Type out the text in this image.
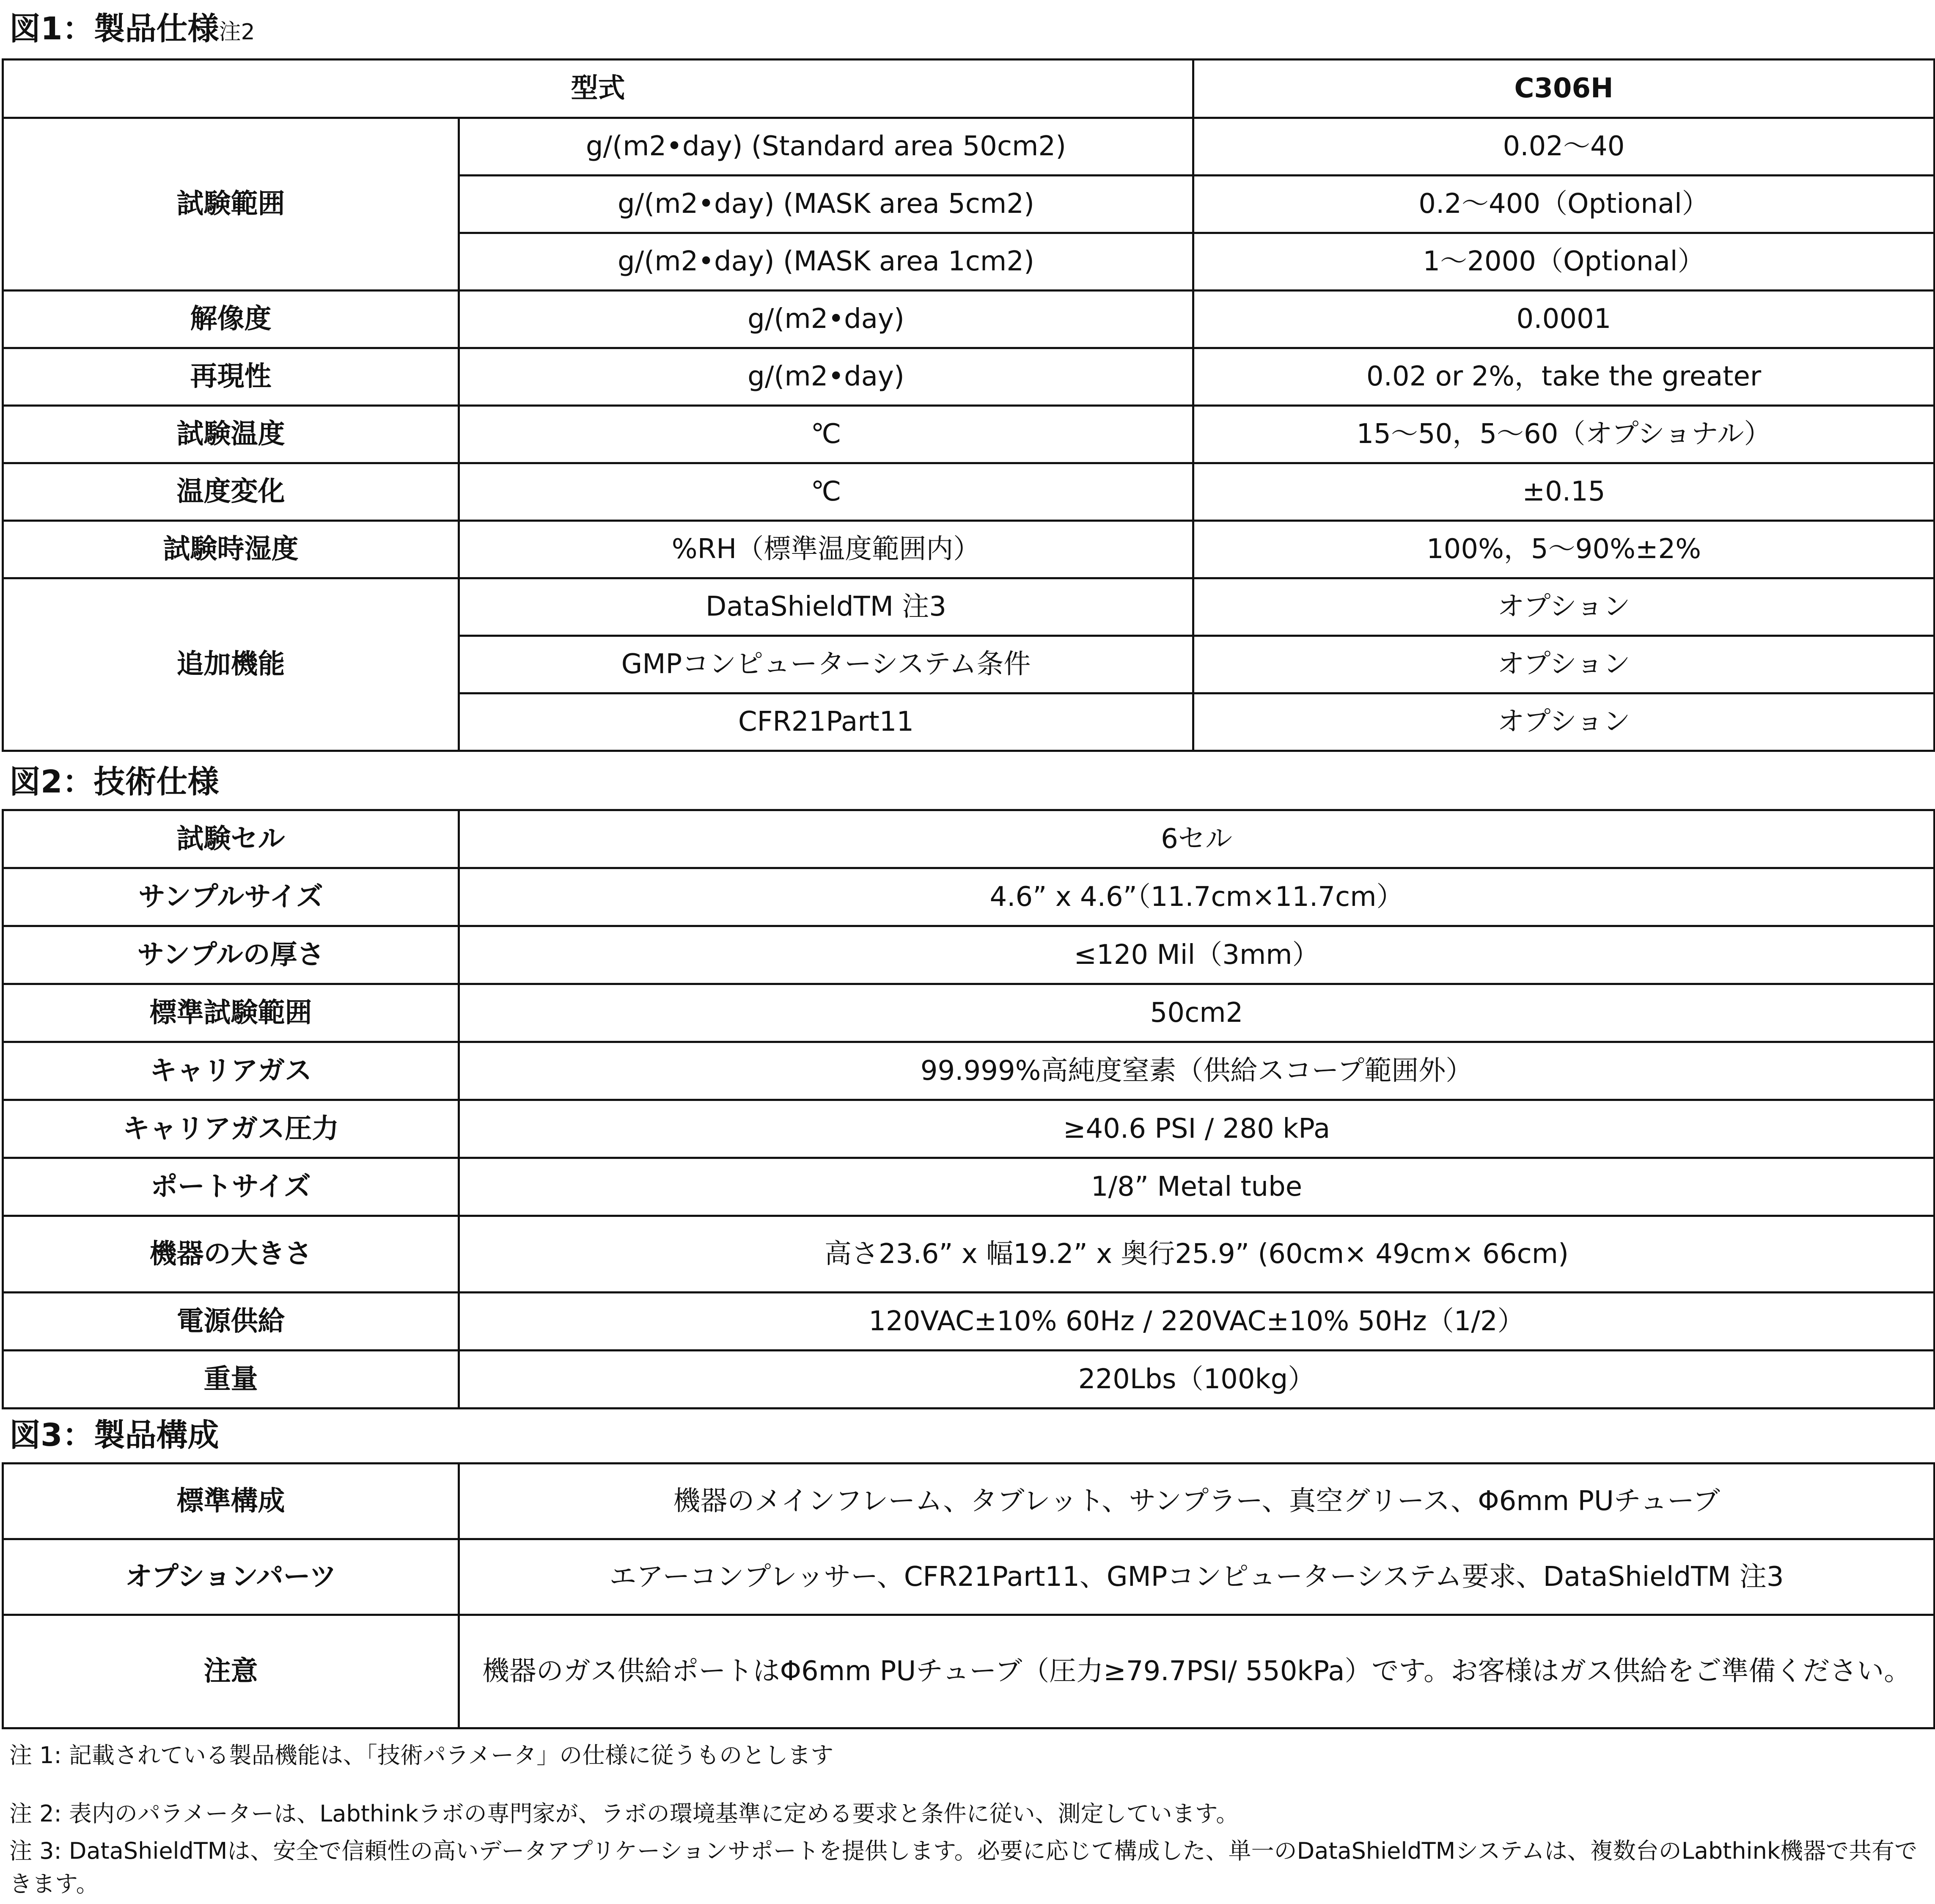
図1：製品仕様注2
型式		C306H
試験範囲	g/(m2•day) (Standard area 50cm2)	0.02～40
	g/(m2•day) (MASK area 5cm2)	0.2～400（Optional）
	g/(m2•day) (MASK area 1cm2)	1～2000（Optional）
解像度	g/(m2•day)	0.0001
再現性	g/(m2•day)	0.02 or 2%，take the greater
試験温度	℃	15～50，5～60（オプショナル）
温度変化	℃	±0.15
試験時湿度	%RH（標準温度範囲内）	100%，5～90%±2%
追加機能	DataShieldTM 注3	オプション
	GMPコンピューターシステム条件	オプション
	CFR21Part11	オプション
図2：技術仕様
試験セル	6セル
サンプルサイズ	4.6” x 4.6”（11.7cm×11.7cm）
サンプルの厚さ	≤120 Mil（3mm）
標準試験範囲	50cm2
キャリアガス	99.999%高純度窒素（供給スコープ範囲外）
キャリアガス圧力	≥40.6 PSI / 280 kPa
ポートサイズ	1/8” Metal tube
機器の大きさ	高さ23.6” x 幅19.2” x 奥行25.9” (60cm× 49cm× 66cm)
電源供給	120VAC±10% 60Hz / 220VAC±10% 50Hz（1/2）
重量	220Lbs（100kg）
図3：製品構成
標準構成	機器のメインフレーム、タブレット、サンプラー、真空グリース、Φ6mm PUチューブ
オプションパーツ	エアーコンプレッサー、CFR21Part11、GMPコンピューターシステム要求、DataShieldTM 注3
注意	機器のガス供給ポートはΦ6mm PUチューブ（圧力≥79.7PSI/ 550kPa）です。お客様はガス供給をご準備ください。

注 1: 記載されている製品機能は、「技術パラメータ」の仕様に従うものとします

注 2: 表内のパラメーターは、Labthinkラボの専門家が、ラボの環境基準に定める要求と条件に従い、測定しています。

注 3: DataShieldTMは、安全で信頼性の高いデータアプリケーションサポートを提供します。必要に応じて構成した、単一のDataShieldTMシステムは、複数台のLabthink機器で共有できます。
